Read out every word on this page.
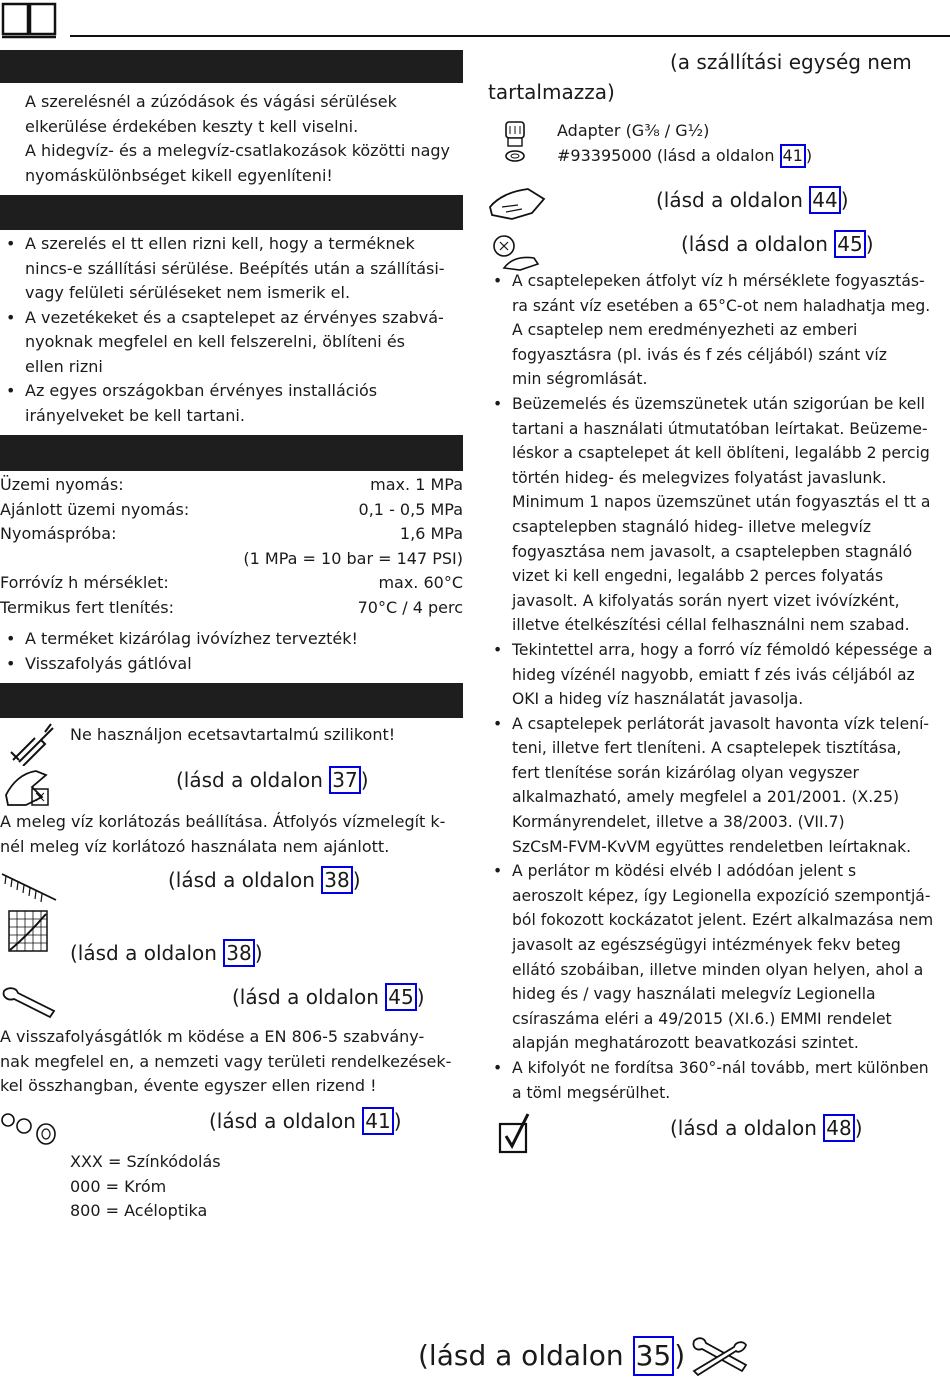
A szerelésnél a zúzódások és vágási sérülések
elkerülése érdekében keszty t kell viselni.
A hidegvíz- és a melegvíz-csatlakozások közötti nagy
nyomáskülönbséget kikell egyenlíteni!
• A szerelés el tt ellen rizni kell, hogy a terméknek
nincs-e szállítási sérülése. Beépítés után a szállítási-
vagy felületi sérüléseket nem ismerik el.
• A vezetékeket és a csaptelepet az érvényes szabvá-
nyoknak megfelel en kell felszerelni, öblíteni és
ellen rizni
• Az egyes országokban érvényes installációs
irányelveket be kell tartani.
Üzemi nyomás:	max. 1 MPa
Ajánlott üzemi nyomás:	0,1 - 0,5 MPa
Nyomáspróba:	1,6 MPa
(1 MPa = 10 bar = 147 PSI)
Forróvíz h mérséklet:	max. 60°C
Termikus fert tlenítés:	70°C / 4 perc
• A terméket kizárólag ivóvízhez tervezték!
• Visszafolyás gátlóval
Ne használjon ecetsavtartalmú szilikont!
(lásd a oldalon 37 )
A meleg víz korlátozás beállítása. Átfolyós vízmelegít k-
nél meleg víz korlátozó használata nem ajánlott.
(lásd a oldalon 38 )
(lásd a oldalon 38 )
(lásd a oldalon 45 )
A visszafolyásgátlók m ködése a EN 806-5 szabvány-
nak megfelel en, a nemzeti vagy területi rendelkezések-
kel összhangban, évente egyszer ellen rizend !
(lásd a oldalon 41 )
XXX = Színkódolás
000 = Króm
800 = Acéloptika
(a szállítási egység nem
tartalmazza)
Adapter (G³⁄₈ / G½)
#93395000 (lásd a oldalon 41 )
(lásd a oldalon 44 )
(lásd a oldalon 45 )
• A csaptelepeken átfolyt víz h mérséklete fogyasztás-
ra szánt víz esetében a 65°C-ot nem haladhatja meg.
A csaptelep nem eredményezheti az emberi
fogyasztásra (pl. ivás és f zés céljából) szánt víz
min ségromlását.
• Beüzemelés és üzemszünetek után szigorúan be kell
tartani a használati útmutatóban leírtakat. Beüzeme-
léskor a csaptelepet át kell öblíteni, legalább 2 percig
történ hideg- és melegvizes folyatást javaslunk.
Minimum 1 napos üzemszünet után fogyasztás el tt a
csaptelepben stagnáló hideg- illetve melegvíz
fogyasztása nem javasolt, a csaptelepben stagnáló
vizet ki kell engedni, legalább 2 perces folyatás
javasolt. A kifolyatás során nyert vizet ivóvízként,
illetve ételkészítési céllal felhasználni nem szabad.
• Tekintettel arra, hogy a forró víz fémoldó képessége a
hideg vízénél nagyobb, emiatt f zés ivás céljából az
OKI a hideg víz használatát javasolja.
• A csaptelepek perlátorát javasolt havonta vízk telení-
teni, illetve fert tleníteni. A csaptelepek tisztítása,
fert tlenítése során kizárólag olyan vegyszer
alkalmazható, amely megfelel a 201/2001. (X.25)
Kormányrendelet, illetve a 38/2003. (VII.7)
SzCsM-FVM-KvVM együttes rendeletben leírtaknak.
• A perlátor m ködési elvéb l adódóan jelent s
aeroszolt képez, így Legionella expozíció szempontjá-
ból fokozott kockázatot jelent. Ezért alkalmazása nem
javasolt az egészségügyi intézmények fekv beteg
ellátó szobáiban, illetve minden olyan helyen, ahol a
hideg és / vagy használati melegvíz Legionella
csíraszáma eléri a 49/2015 (XI.6.) EMMI rendelet
alapján meghatározott beavatkozási szintet.
• A kifolyót ne fordítsa 360°-nál tovább, mert különben
a töml megsérülhet.
(lásd a oldalon 48 )
(lásd a oldalon 35 )
